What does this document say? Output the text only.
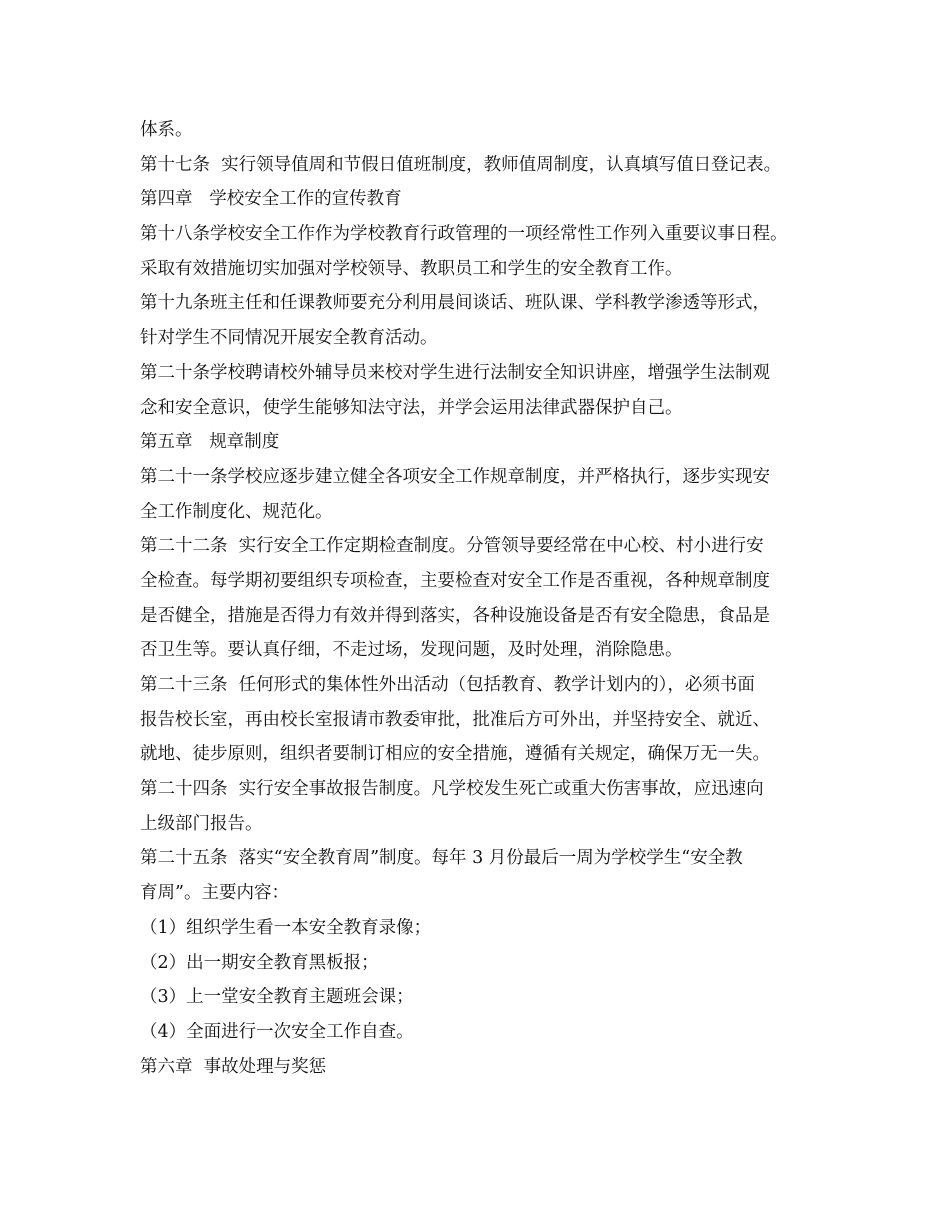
体系。
第十七条  实行领导值周和节假日值班制度，教师值周制度，认真填写值日登记表。
第四章   学校安全工作的宣传教育
第十八条学校安全工作作为学校教育行政管理的一项经常性工作列入重要议事日程。
采取有效措施切实加强对学校领导、教职员工和学生的安全教育工作。
第十九条班主任和任课教师要充分利用晨间谈话、班队课、学科教学渗透等形式，
针对学生不同情况开展安全教育活动。
第二十条学校聘请校外辅导员来校对学生进行法制安全知识讲座，增强学生法制观
念和安全意识，使学生能够知法守法，并学会运用法律武器保护自己。
第五章   规章制度
第二十一条学校应逐步建立健全各项安全工作规章制度，并严格执行，逐步实现安
全工作制度化、规范化。
第二十二条  实行安全工作定期检查制度。分管领导要经常在中心校、村小进行安
全检查。每学期初要组织专项检查，主要检查对安全工作是否重视，各种规章制度
是否健全，措施是否得力有效并得到落实，各种设施设备是否有安全隐患，食品是
否卫生等。要认真仔细，不走过场，发现问题，及时处理，消除隐患。
第二十三条  任何形式的集体性外出活动（包括教育、教学计划内的），必须书面
报告校长室，再由校长室报请市教委审批，批准后方可外出，并坚持安全、就近、
就地、徒步原则，组织者要制订相应的安全措施，遵循有关规定，确保万无一失。
第二十四条  实行安全事故报告制度。凡学校发生死亡或重大伤害事故，应迅速向
上级部门报告。
第二十五条  落实“安全教育周”制度。每年 3 月份最后一周为学校学生“安全教
育周”。主要内容：
（1）组织学生看一本安全教育录像；
（2）出一期安全教育黑板报；
（3）上一堂安全教育主题班会课；
（4）全面进行一次安全工作自查。
第六章  事故处理与奖惩
